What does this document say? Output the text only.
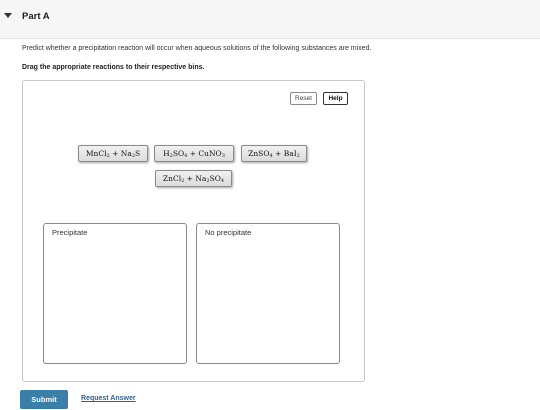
Part A
Predict whether a precipitation reaction will occur when aqueous solutions of the following substances are mixed.
Drag the appropriate reactions to their respective bins.
Reset	Help
MnCl$_2$ + $Na_2S$	$H_2SO_4$ + CuNO$_3$	ZnSO$_4$ + BaI$_2$
ZnCl$_2$ + $Na_2SO_4$
Precipitate	No precipitate
Submit	Request Answer
